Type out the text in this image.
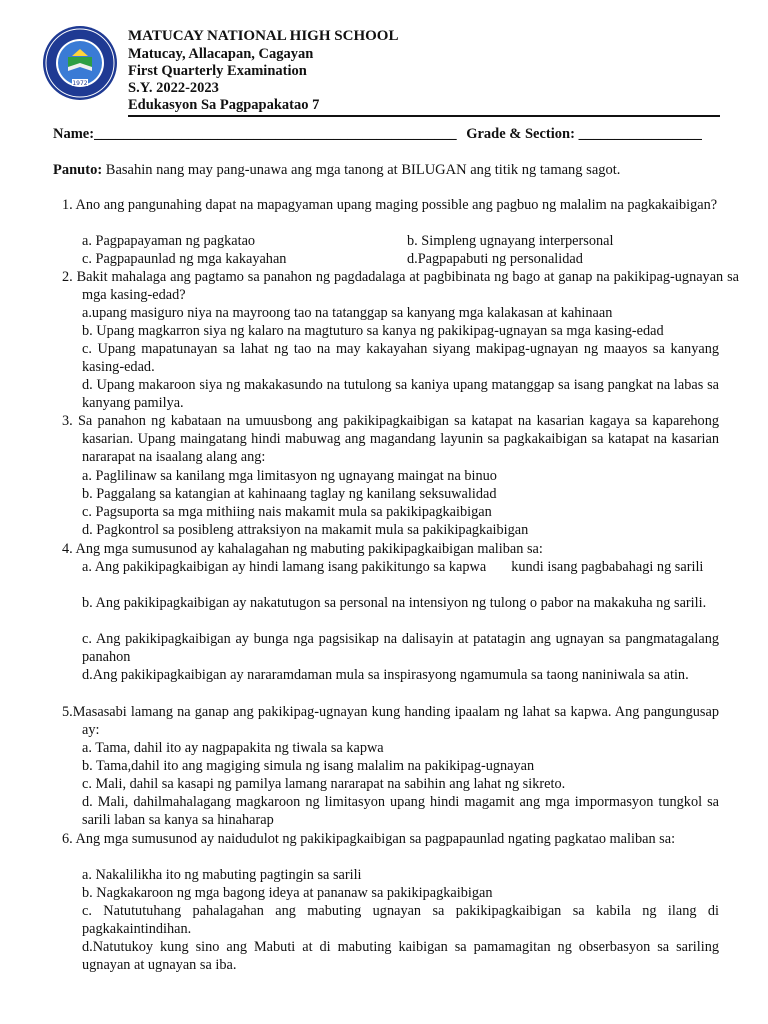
1972
MATUCAY NATIONAL HIGH SCHOOL
Matucay, Allacapan, Cagayan
First Quarterly Examination
S.Y. 2022-2023
Edukasyon Sa Pagpapakatao 7
Name:__________________________________________________ Grade & Section: _________________
Panuto: Basahin nang may pang-unawa ang mga tanong at BILUGAN ang titik ng tamang sagot.
1. Ano ang pangunahing dapat na mapagyaman upang maging possible ang pagbuo ng malalim na pagkakaibigan?
a. Pagpapayaman ng pagkatao	b. Simpleng ugnayang interpersonal
c. Pagpapaunlad ng mga kakayahan	d.Pagpapabuti ng personalidad
2. Bakit mahalaga ang pagtamo sa panahon ng pagdadalaga at pagbibinata ng bago at ganap na pakikipag-ugnayan sa mga kasing-edad?
a.upang masiguro niya na mayroong tao na tatanggap sa kanyang mga kalakasan at kahinaan
b. Upang magkarron siya ng kalaro na magtuturo sa kanya ng pakikipag-ugnayan sa mga kasing-edad
c. Upang mapatunayan sa lahat ng tao na may kakayahan siyang makipag-ugnayan ng maayos sa kanyang kasing-edad.
d. Upang makaroon siya ng makakasundo na tutulong sa kaniya upang matanggap sa isang pangkat na labas sa kanyang pamilya.
3. Sa panahon ng kabataan na umuusbong ang pakikipagkaibigan sa katapat na kasarian kagaya sa kaparehong kasarian. Upang maingatang hindi mabuwag ang magandang layunin sa pagkakaibigan sa katapat na kasarian nararapat na isaalang alang ang:
a. Paglilinaw sa kanilang mga limitasyon ng ugnayang maingat na binuo
b. Paggalang sa katangian at kahinaang taglay ng kanilang seksuwalidad
c. Pagsuporta sa mga mithiing nais makamit mula sa pakikipagkaibigan
d. Pagkontrol sa posibleng attraksiyon na makamit mula sa pakikipagkaibigan
4. Ang mga sumusunod ay kahalagahan ng mabuting pakikipagkaibigan maliban sa:
a. Ang pakikipagkaibigan ay hindi lamang isang pakikitungo sa kapwa       kundi isang pagbabahagi ng sarili
b. Ang pakikipagkaibigan ay nakatutugon sa personal na intensiyon ng tulong o pabor na makakuha ng sarili.
c. Ang pakikipagkaibigan ay bunga nga pagsisikap na dalisayin at patatagin ang ugnayan sa pangmatagalang panahon
d.Ang pakikipagkaibigan ay nararamdaman mula sa inspirasyong ngamumula sa taong naniniwala sa atin.
5.Masasabi lamang na ganap ang pakikipag-ugnayan kung handing ipaalam ng lahat sa kapwa. Ang pangungusap ay:
a. Tama, dahil ito ay nagpapakita ng tiwala sa kapwa
b. Tama,dahil ito ang magiging simula ng isang malalim na pakikipag-ugnayan
c. Mali, dahil sa kasapi ng pamilya lamang nararapat na sabihin ang lahat ng sikreto.
d. Mali, dahilmahalagang magkaroon ng limitasyon upang hindi magamit ang mga impormasyon tungkol sa sarili laban sa kanya sa hinaharap
6. Ang mga sumusunod ay naidudulot ng pakikipagkaibigan sa pagpapaunlad ngating pagkatao maliban sa:
a. Nakalilikha ito ng mabuting pagtingin sa sarili
b. Nagkakaroon ng mga bagong ideya at pananaw sa pakikipagkaibigan
c. Natututuhang pahalagahan ang mabuting ugnayan sa pakikipagkaibigan sa kabila ng ilang di pagkakaintindihan.
d.Natutukoy kung sino ang Mabuti at di mabuting kaibigan sa pamamagitan ng obserbasyon sa sariling ugnayan at ugnayan sa iba.
